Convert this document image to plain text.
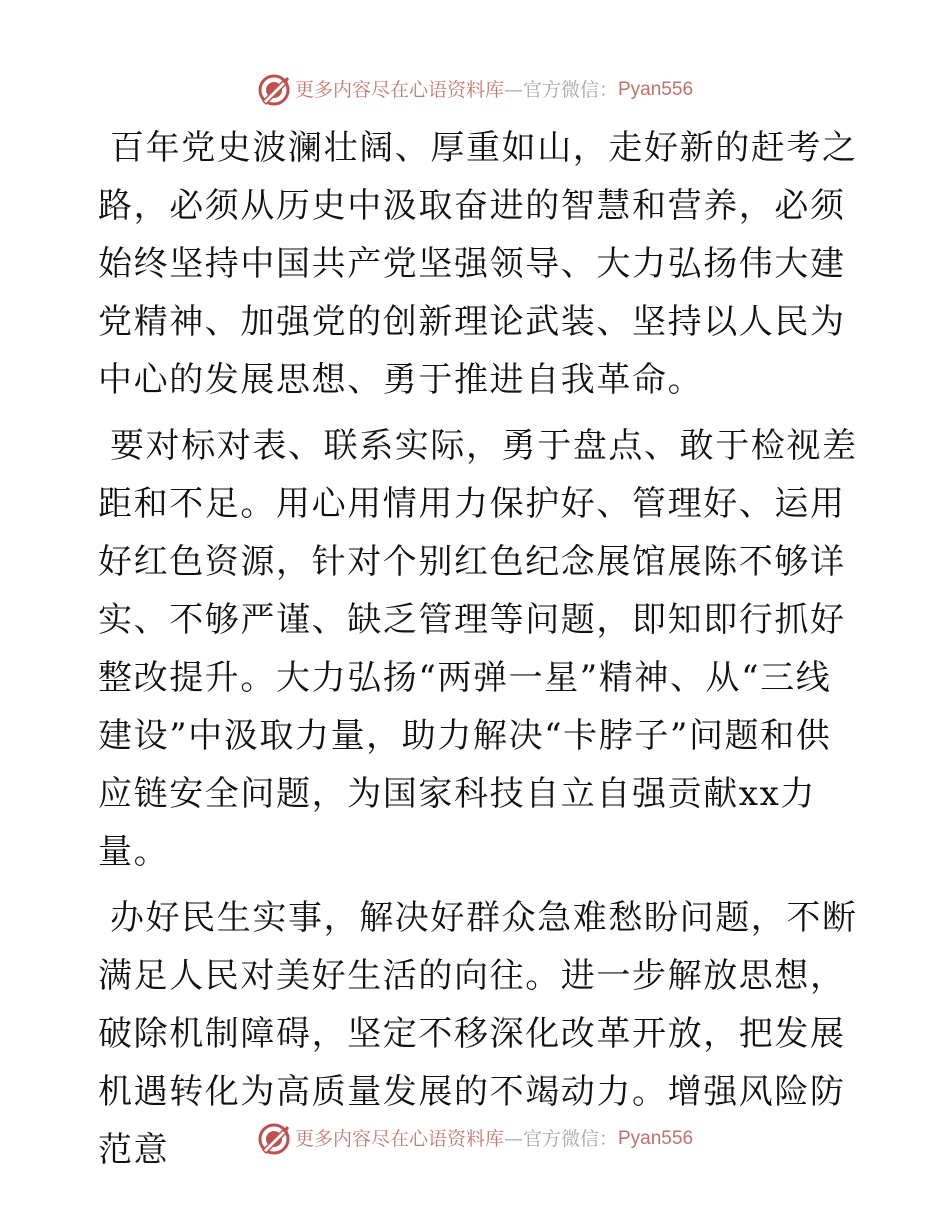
更多内容尽在心语资料库 — 官方微信： Pyan556

百年党史波澜壮阔、厚重如山，走好新的赶考之路，必须从历史中汲取奋进的智慧和营养，必须始终坚持中国共产党坚强领导、大力弘扬伟大建党精神、加强党的创新理论武装、坚持以人民为中心的发展思想、勇于推进自我革命。

要对标对表、联系实际，勇于盘点、敢于检视差距和不足。用心用情用力保护好、管理好、运用好红色资源，针对个别红色纪念展馆展陈不够详实、不够严谨、缺乏管理等问题，即知即行抓好整改提升。大力弘扬“两弹一星”精神、从“三线建设”中汲取力量，助力解决“卡脖子”问题和供应链安全问题，为国家科技自立自强贡献xx力量。

办好民生实事，解决好群众急难愁盼问题，不断满足人民对美好生活的向往。进一步解放思想，破除机制障碍，坚定不移深化改革开放，把发展机遇转化为高质量发展的不竭动力。增强风险防范意	更多内容尽在心语资料库 — 官方微信： Pyan556
